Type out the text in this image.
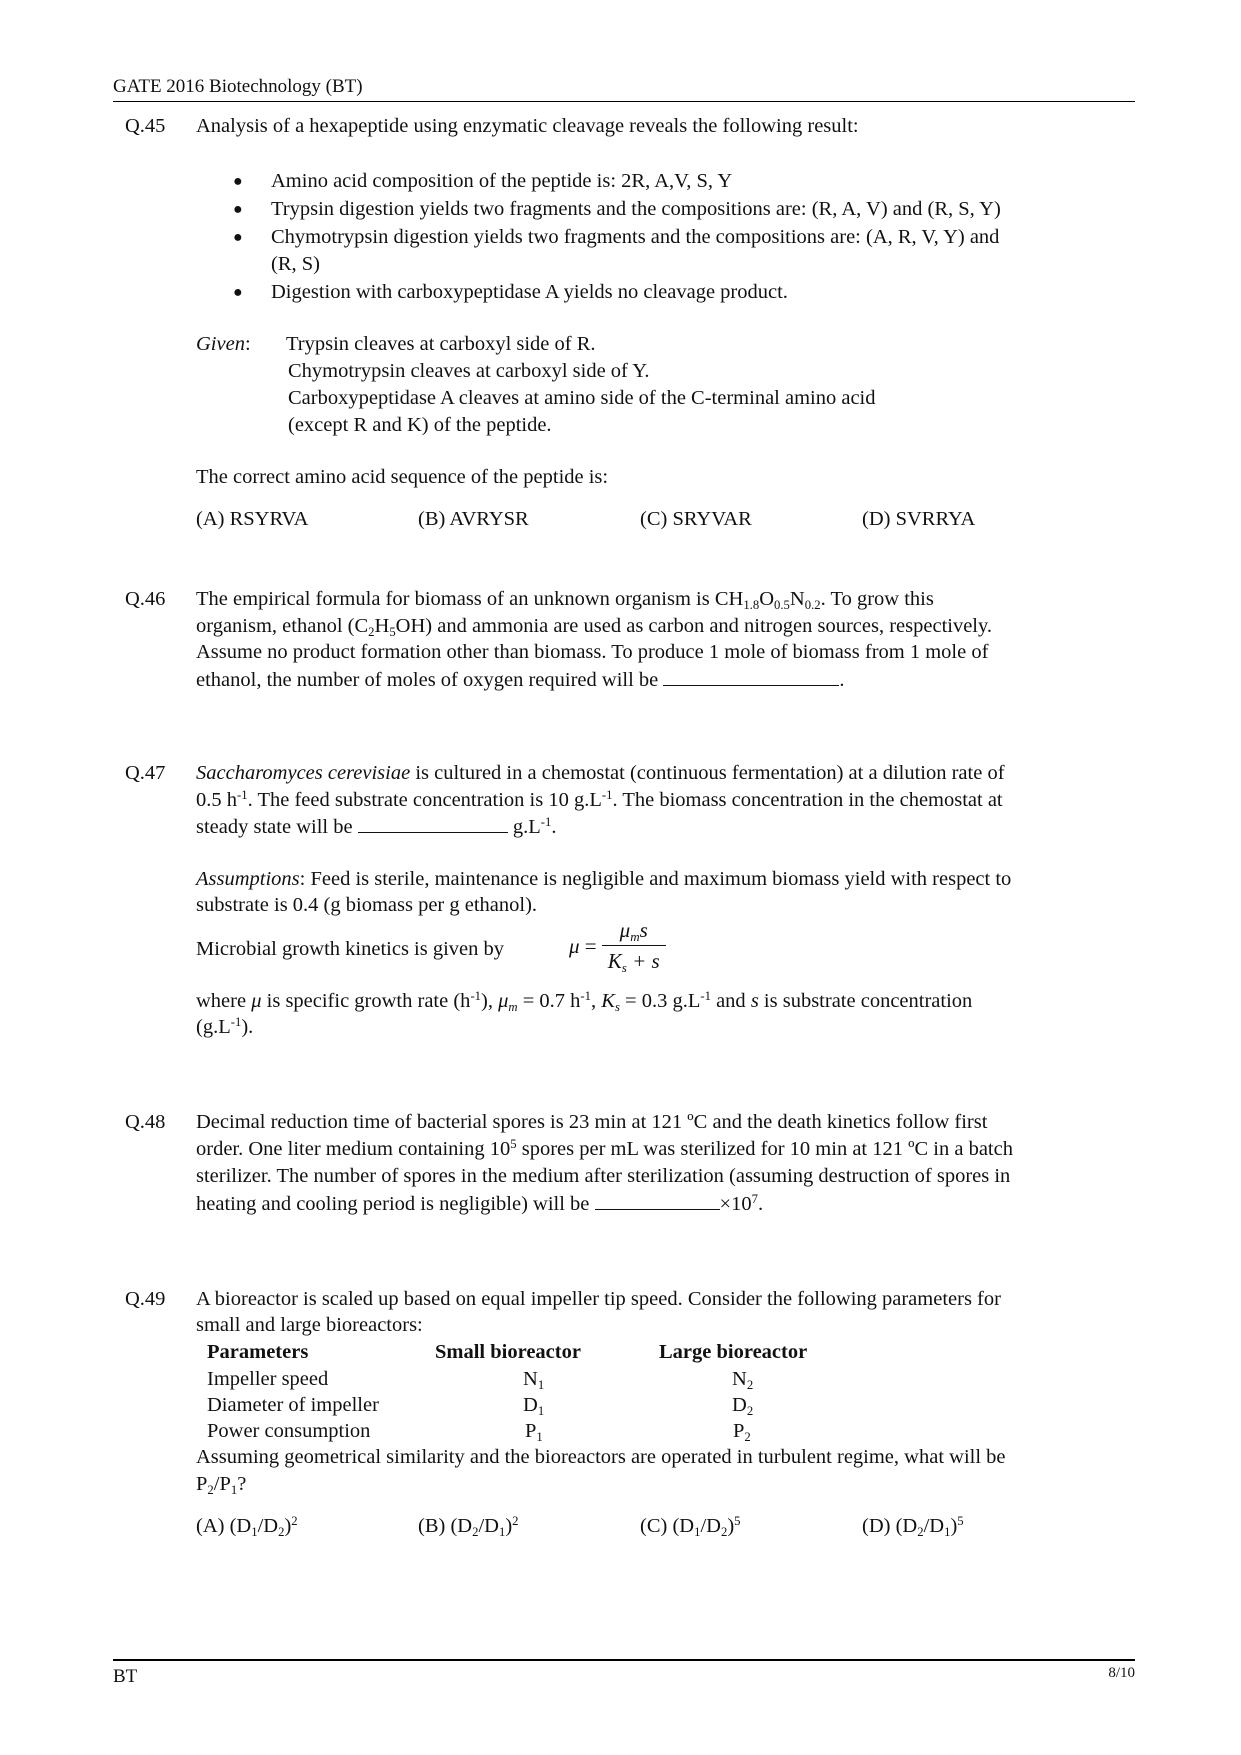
GATE 2016 Biotechnology (BT)
BT	8/10
Q.45 Analysis of a hexapeptide using enzymatic cleavage reveals the following result:
● Amino acid composition of the peptide is: 2R, A,V, S, Y
● Trypsin digestion yields two fragments and the compositions are: (R, A, V) and (R, S, Y)
● Chymotrypsin digestion yields two fragments and the compositions are: (A, R, V, Y) and
(R, S)
● Digestion with carboxypeptidase A yields no cleavage product.
Given: Trypsin cleaves at carboxyl side of R.
Chymotrypsin cleaves at carboxyl side of Y.
Carboxypeptidase A cleaves at amino side of the C-terminal amino acid
(except R and K) of the peptide.
The correct amino acid sequence of the peptide is:
(A) RSYRVA	(B) AVRYSR	(C) SRYVAR	(D) SVRRYA
Q.46 The empirical formula for biomass of an unknown organism is $CH_{1.8}O_{0.5}N_{0.2}$. To grow this
organism, ethanol $(C_2H_5OH)$ and ammonia are used as carbon and nitrogen sources, respectively.
Assume no product formation other than biomass. To produce 1 mole of biomass from 1 mole of
ethanol, the number of moles of oxygen required will be	.
Q.47 Saccharomyces cerevisiae is cultured in a chemostat (continuous fermentation) at a dilution rate of
0.5 $h^{-1}$. The feed substrate concentration is 10 $g.L^{-1}$. The biomass concentration in the chemostat at
steady state will be	$g.L^{-1}$.
Assumptions: Feed is sterile, maintenance is negligible and maximum biomass yield with respect to
substrate is 0.4 (g biomass per g ethanol).
Microbial growth kinetics is given by	$\mu = \frac{\mu_ms}{K_s + s}$
where μ is specific growth rate $(h^{-1})$, $\mu_m = 0.7$ $h^{-1}$, $K_s = 0.3$ $g.L^{-1}$ and s is substrate concentration
$(g.L^{-1})$.
Q.48 Decimal reduction time of bacterial spores is 23 min at 121 ºC and the death kinetics follow first
order. One liter medium containing $10^5$ spores per mL was sterilized for 10 min at 121 ºC in a batch
sterilizer. The number of spores in the medium after sterilization (assuming destruction of spores in
heating and cooling period is negligible) will be	$\times 10^7$.
Q.49 A bioreactor is scaled up based on equal impeller tip speed. Consider the following parameters for
small and large bioreactors:
Parameters	Small bioreactor	Large bioreactor
Impeller speed	$N_1$	$N_2$
Diameter of impeller	$D_1$	$D_2$
Power consumption	$P_1$	$P_2$
Assuming geometrical similarity and the bioreactors are operated in turbulent regime, what will be
$P_2/P_1$?
(A) $(D_1/D_2)^2$	(B) $(D_2/D_1)^2$	(C) $(D_1/D_2)^5$	(D) $(D_2/D_1)^5$
